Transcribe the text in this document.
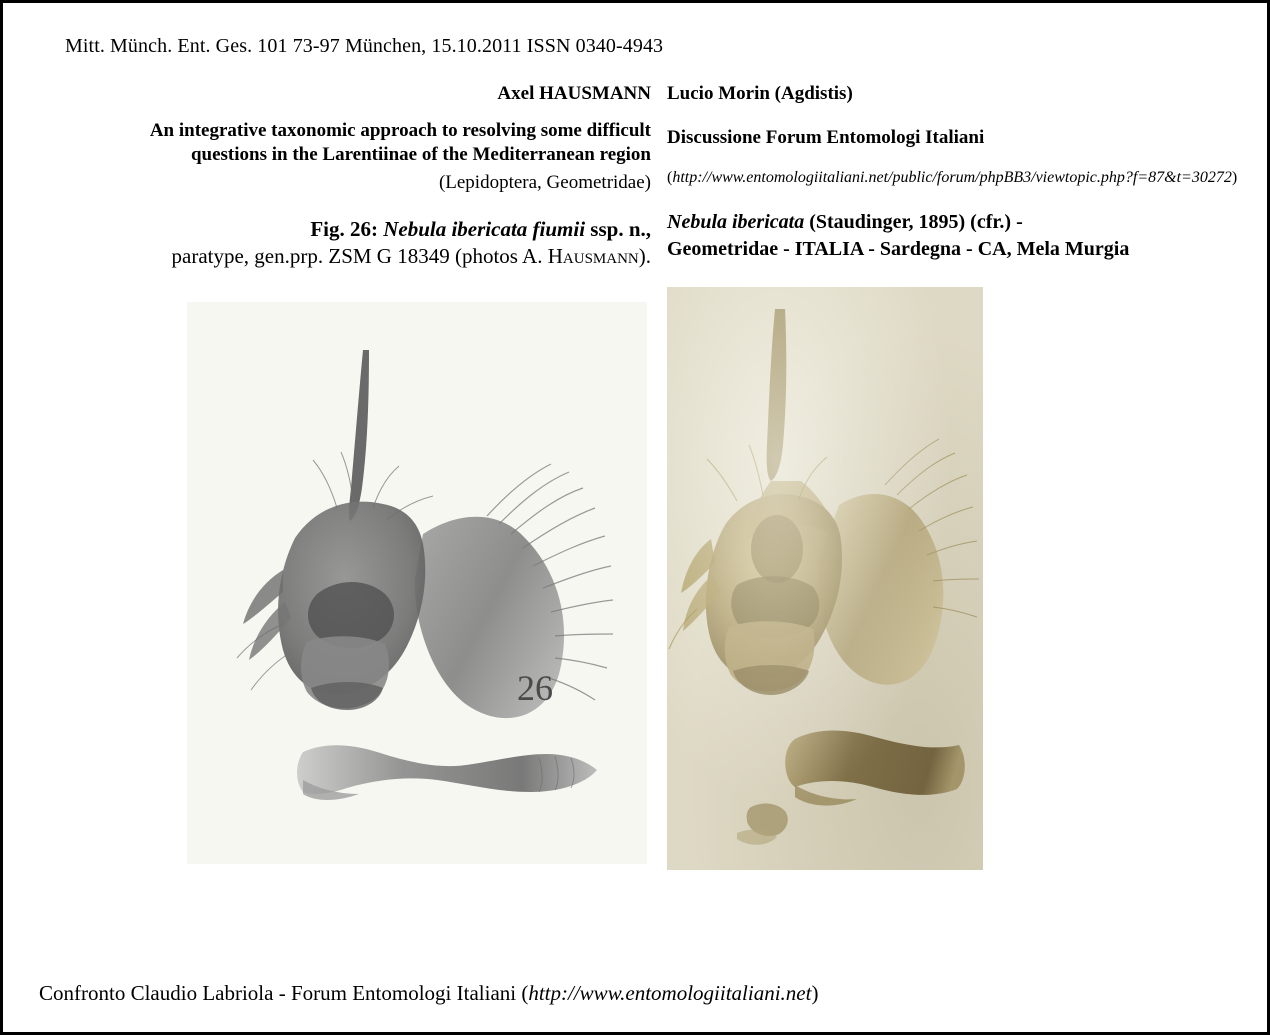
Mitt. Münch. Ent. Ges. 101 73-97 München, 15.10.2011 ISSN 0340-4943
Axel HAUSMANN
An integrative taxonomic approach to resolving some difficult
questions in the Larentiinae of the Mediterranean region
(Lepidoptera, Geometridae)
Fig. 26: Nebula ibericata fiumii ssp. n.,
paratype, gen.prp. ZSM G 18349 (photos A. Hausmann).
Lucio Morin (Agdistis)
Discussione Forum Entomologi Italiani
(http://www.entomologiitaliani.net/public/forum/phpBB3/viewtopic.php?f=87&t=30272)
Nebula ibericata (Staudinger, 1895) (cfr.) -
Geometridae - ITALIA - Sardegna - CA, Mela Murgia
26
Confronto Claudio Labriola - Forum Entomologi Italiani (http://www.entomologiitaliani.net)
